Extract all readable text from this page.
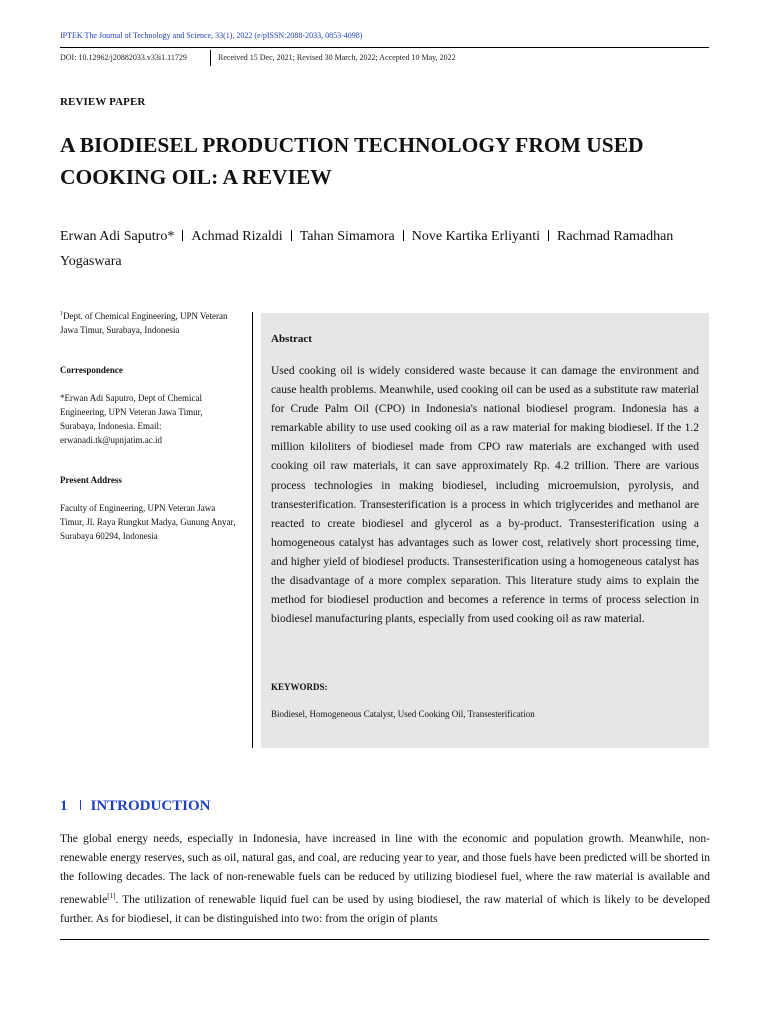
IPTEK The Journal of Technology and Science, 33(1), 2022 (e/pISSN:2088-2033, 0853-4098)
DOI: 10.12962/j20882033.v33i1.11729	Received 15 Dec, 2021; Revised 30 March, 2022; Accepted 10 May, 2022
REVIEW PAPER
A BIODIESEL PRODUCTION TECHNOLOGY FROM USED COOKING OIL: A REVIEW
Erwan Adi Saputro* Achmad Rizaldi Tahan Simamora Nove Kartika Erliyanti Rachmad Ramadhan Yogaswara
$^1$Dept. of Chemical Engineering, UPN Veteran Jawa Timur, Surabaya, Indonesia
Correspondence

*Erwan Adi Saputro, Dept of Chemical Engineering, UPN Veteran Jawa Timur, Surabaya, Indonesia. Email: erwanadi.tk@upnjatim.ac.id

Present Address

Faculty of Engineering, UPN Veteran Jawa Timur, Jl. Raya Rungkut Madya, Gunung Anyar, Surabaya 60294, Indonesia

Abstract
Used cooking oil is widely considered waste because it can damage the environment and cause health problems. Meanwhile, used cooking oil can be used as a substitute raw material for Crude Palm Oil (CPO) in Indonesia's national biodiesel program. Indonesia has a remarkable ability to use used cooking oil as a raw material for making biodiesel. If the 1.2 million kiloliters of biodiesel made from CPO raw materials are exchanged with used cooking oil raw materials, it can save approximately Rp. 4.2 trillion. There are various process technologies in making biodiesel, including microemulsion, pyrolysis, and transesterification. Transesterification is a process in which triglycerides and methanol are reacted to create biodiesel and glycerol as a by-product. Transesterification using a homogeneous catalyst has advantages such as lower cost, relatively short processing time, and higher yield of biodiesel products. Transesterification using a homogeneous catalyst has the disadvantage of a more complex separation. This literature study aims to explain the method for biodiesel production and becomes a reference in terms of process selection in biodiesel manufacturing plants, especially from used cooking oil as raw material.
KEYWORDS:
Biodiesel, Homogeneous Catalyst, Used Cooking Oil, Transesterification
1 INTRODUCTION
The global energy needs, especially in Indonesia, have increased in line with the economic and population growth. Meanwhile, non-renewable energy reserves, such as oil, natural gas, and coal, are reducing year to year, and those fuels have been predicted will be shorted in the following decades. The lack of non-renewable fuels can be reduced by utilizing biodiesel fuel, where the raw material is available and renewable[1]. The utilization of renewable liquid fuel can be used by using biodiesel, the raw material of which is likely to be developed further. As for biodiesel, it can be distinguished into two: from the origin of plants
